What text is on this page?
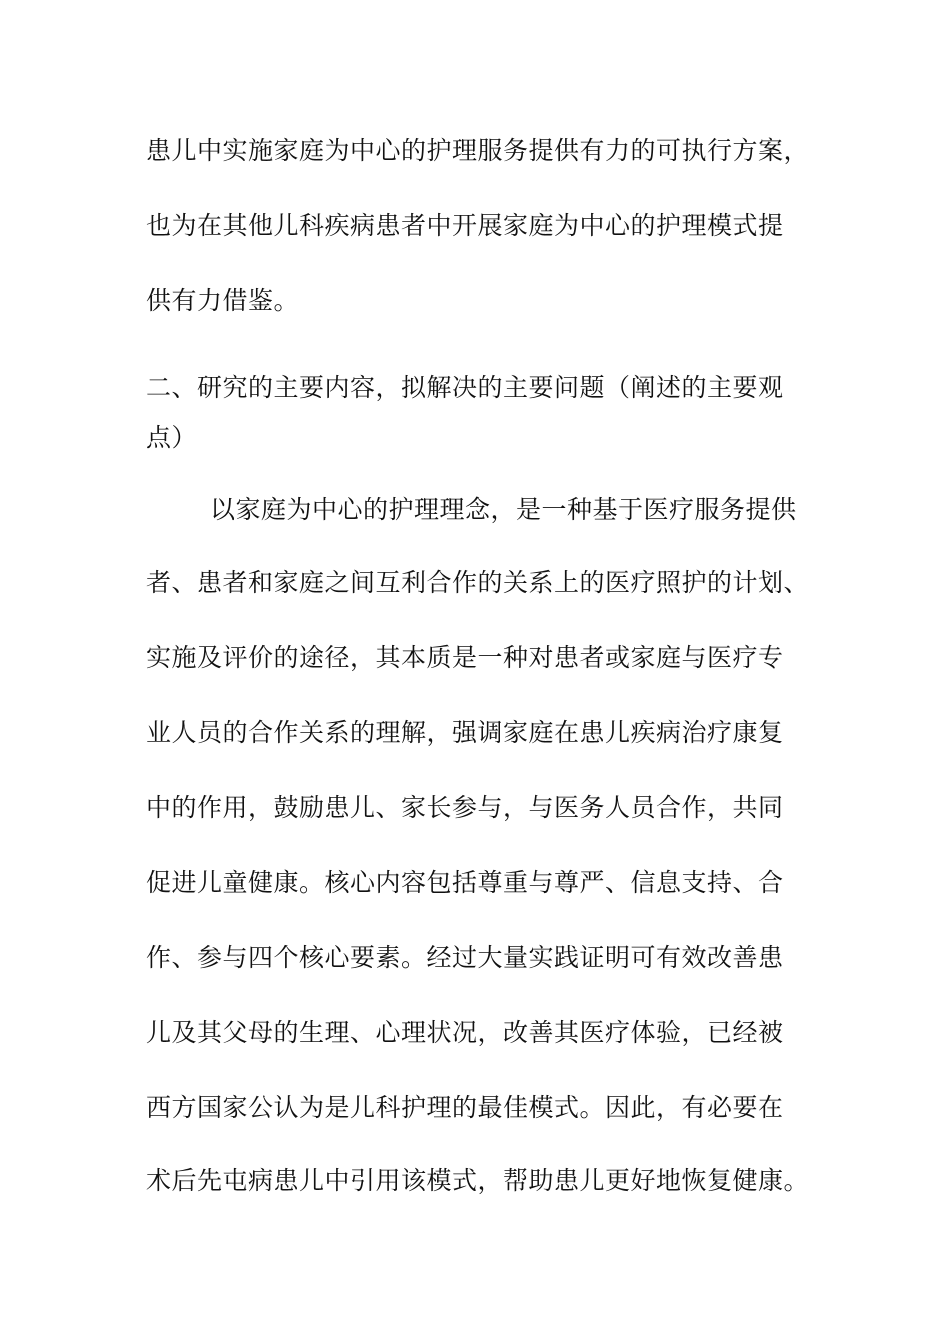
患儿中实施家庭为中心的护理服务提供有力的可执行方案，
也为在其他儿科疾病患者中开展家庭为中心的护理模式提
供有力借鉴。
二、研究的主要内容，拟解决的主要问题（阐述的主要观
点）
以家庭为中心的护理理念，是一种基于医疗服务提供
者、患者和家庭之间互利合作的关系上的医疗照护的计划、
实施及评价的途径，其本质是一种对患者或家庭与医疗专
业人员的合作关系的理解，强调家庭在患儿疾病治疗康复
中的作用，鼓励患儿、家长参与，与医务人员合作，共同
促进儿童健康。核心内容包括尊重与尊严、信息支持、合
作、参与四个核心要素。经过大量实践证明可有效改善患
儿及其父母的生理、心理状况，改善其医疗体验，已经被
西方国家公认为是儿科护理的最佳模式。因此，有必要在
术后先屯病患儿中引用该模式，帮助患儿更好地恢复健康。
